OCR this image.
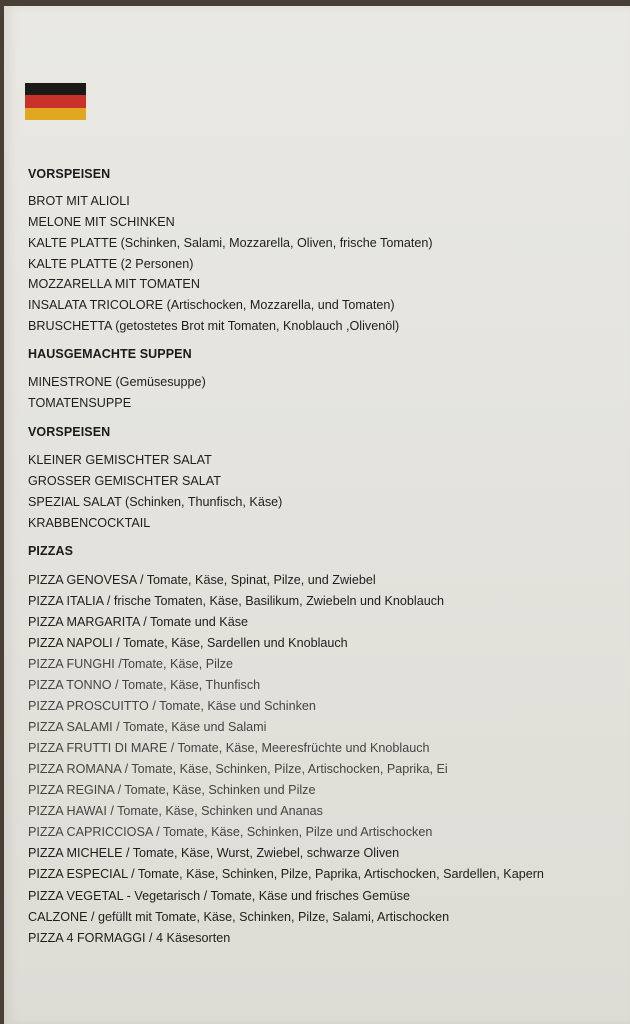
VORSPEISEN
BROT MIT ALIOLI
MELONE MIT SCHINKEN
KALTE PLATTE (Schinken, Salami, Mozzarella, Oliven, frische Tomaten)
KALTE PLATTE (2 Personen)
MOZZARELLA MIT TOMATEN
INSALATA TRICOLORE (Artischocken, Mozzarella, und Tomaten)
BRUSCHETTA (getostetes Brot mit Tomaten, Knoblauch ,Olivenöl)
HAUSGEMACHTE SUPPEN
MINESTRONE (Gemüsesuppe)
TOMATENSUPPE
VORSPEISEN
KLEINER GEMISCHTER SALAT
GROSSER GEMISCHTER SALAT
SPEZIAL SALAT (Schinken, Thunfisch, Käse)
KRABBENCOCKTAIL
PIZZAS
PIZZA GENOVESA / Tomate, Käse, Spinat, Pilze, und Zwiebel
PIZZA ITALIA / frische Tomaten, Käse, Basilikum, Zwiebeln und Knoblauch
PIZZA MARGARITA / Tomate und Käse
PIZZA NAPOLI / Tomate, Käse, Sardellen und Knoblauch
PIZZA FUNGHI /Tomate, Käse, Pilze
PIZZA TONNO / Tomate, Käse, Thunfisch
PIZZA PROSCUITTO / Tomate, Käse und Schinken
PIZZA SALAMI / Tomate, Käse und Salami
PIZZA FRUTTI DI MARE / Tomate, Käse, Meeresfrüchte und Knoblauch
PIZZA ROMANA / Tomate, Käse, Schinken, Pilze, Artischocken, Paprika, Ei
PIZZA REGINA / Tomate, Käse, Schinken und Pilze
PIZZA HAWAI / Tomate, Käse, Schinken und Ananas
PIZZA CAPRICCIOSA / Tomate, Käse, Schinken, Pilze und Artischocken
PIZZA MICHELE / Tomate, Käse, Wurst, Zwiebel, schwarze Oliven
PIZZA ESPECIAL / Tomate, Käse, Schinken, Pilze, Paprika, Artischocken, Sardellen, Kapern
PIZZA VEGETAL - Vegetarisch / Tomate, Käse und frisches Gemüse
CALZONE / gefüllt mit Tomate, Käse, Schinken, Pilze, Salami, Artischocken
PIZZA 4 FORMAGGI / 4 Käsesorten
